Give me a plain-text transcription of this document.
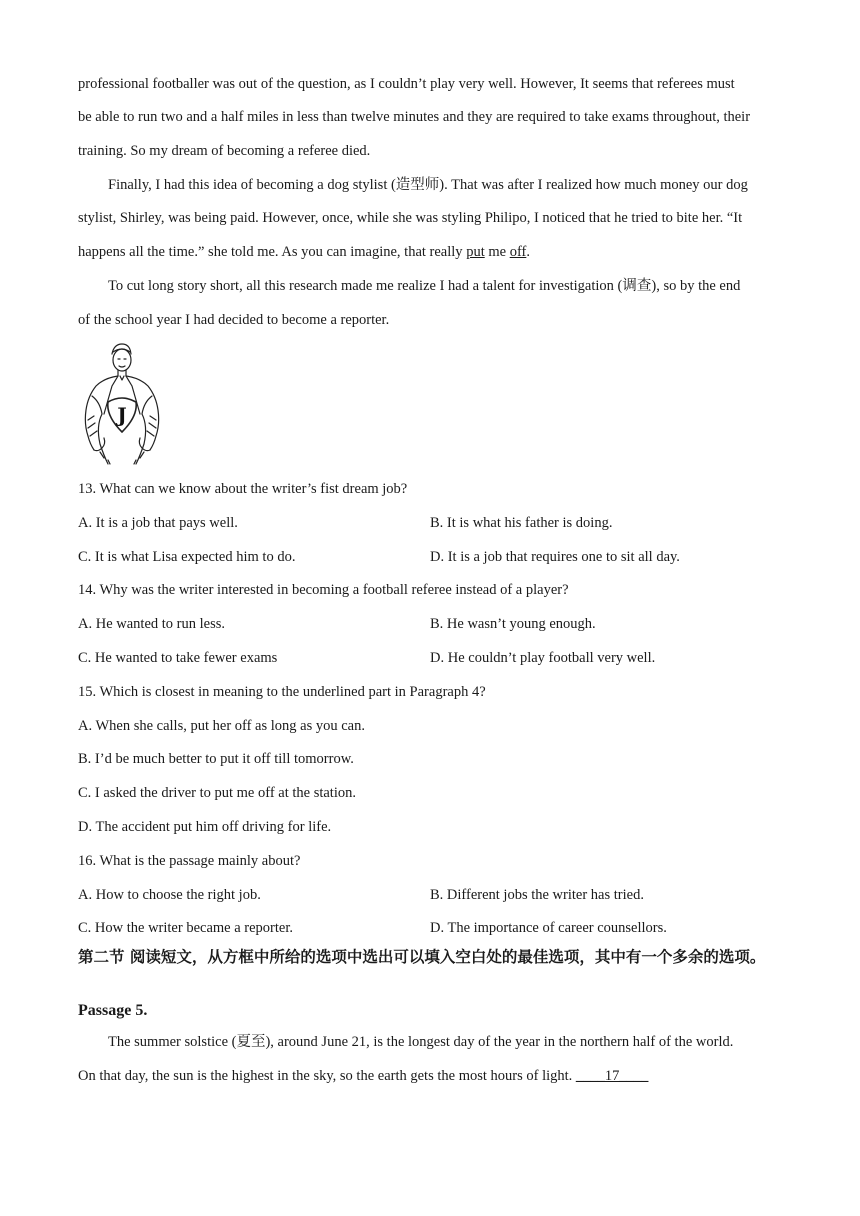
professional footballer was out of the question, as I couldn’t play very well. However, It seems that referees must
be able to run two and a half miles in less than twelve minutes and they are required to take exams throughout, their
training. So my dream of becoming a referee died.
Finally, I had this idea of becoming a dog stylist (造型师). That was after I realized how much money our dog
stylist, Shirley, was being paid. However, once, while she was styling Philipo, I noticed that he tried to bite her. “It
happens all the time.” she told me. As you can imagine, that really put me off.
To cut long story short, all this research made me realize I had a talent for investigation (调查), so by the end
of the school year I had decided to become a reporter.
J
13. What can we know about the writer’s fist dream job?
A. It is a job that pays well.	B. It is what his father is doing.
C. It is what Lisa expected him to do.	D. It is a job that requires one to sit all day.
14. Why was the writer interested in becoming a football referee instead of a player?
A. He wanted to run less.	B. He wasn’t young enough.
C. He wanted to take fewer exams	D. He couldn’t play football very well.
15. Which is closest in meaning to the underlined part in Paragraph 4?
A. When she calls, put her off as long as you can.
B. I’d be much better to put it off till tomorrow.
C. I asked the driver to put me off at the station.
D. The accident put him off driving for life.
16. What is the passage mainly about?
A. How to choose the right job.	B. Different jobs the writer has tried.
C. How the writer became a reporter.	D. The importance of career counsellors.
第二节 阅读短文，从方框中所给的选项中选出可以填入空白处的最佳选项，其中有一个多余的选项。
Passage 5.
The summer solstice (夏至), around June 21, is the longest day of the year in the northern half of the world.
On that day, the sun is the highest in the sky, so the earth gets the most hours of light. ____17____
